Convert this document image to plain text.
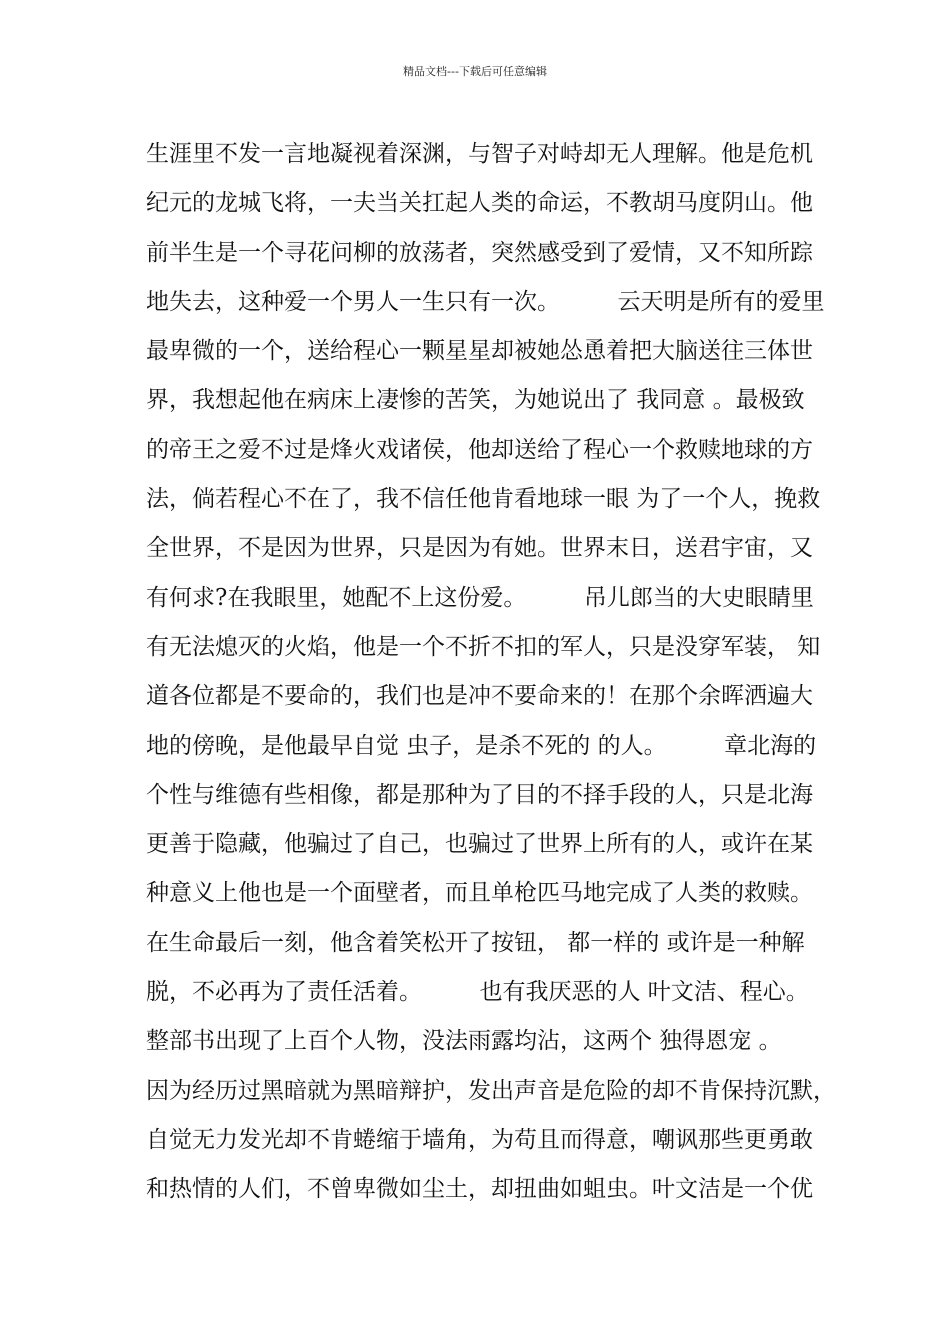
精品文档---下载后可任意编辑
生涯里不发一言地凝视着深渊，与智子对峙却无人理解。他是危机
纪元的龙城飞将，一夫当关扛起人类的命运，不教胡马度阴山。他
前半生是一个寻花问柳的放荡者，突然感受到了爱情，又不知所踪
地失去，这种爱一个男人一生只有一次。　　　云天明是所有的爱里
最卑微的一个，送给程心一颗星星却被她怂恿着把大脑送往三体世
界，我想起他在病床上凄惨的苦笑，为她说出了 我同意 。最极致
的帝王之爱不过是烽火戏诸侯，他却送给了程心一个救赎地球的方
法，倘若程心不在了，我不信任他肯看地球一眼 为了一个人，挽救
全世界，不是因为世界，只是因为有她。世界末日，送君宇宙，又
有何求?在我眼里，她配不上这份爱。　　　吊儿郎当的大史眼睛里
有无法熄灭的火焰，他是一个不折不扣的军人，只是没穿军装， 知
道各位都是不要命的，我们也是冲不要命来的！在那个余晖洒遍大
地的傍晚，是他最早自觉 虫子，是杀不死的 的人。　　　章北海的
个性与维德有些相像，都是那种为了目的不择手段的人，只是北海
更善于隐藏，他骗过了自己，也骗过了世界上所有的人，或许在某
种意义上他也是一个面壁者，而且单枪匹马地完成了人类的救赎。
在生命最后一刻，他含着笑松开了按钮， 都一样的 或许是一种解
脱，不必再为了责任活着。　　　也有我厌恶的人 叶文洁、程心。
整部书出现了上百个人物，没法雨露均沾，这两个 独得恩宠 。
因为经历过黑暗就为黑暗辩护，发出声音是危险的却不肯保持沉默，
自觉无力发光却不肯蜷缩于墙角，为苟且而得意，嘲讽那些更勇敢
和热情的人们，不曾卑微如尘土，却扭曲如蛆虫。叶文洁是一个优
